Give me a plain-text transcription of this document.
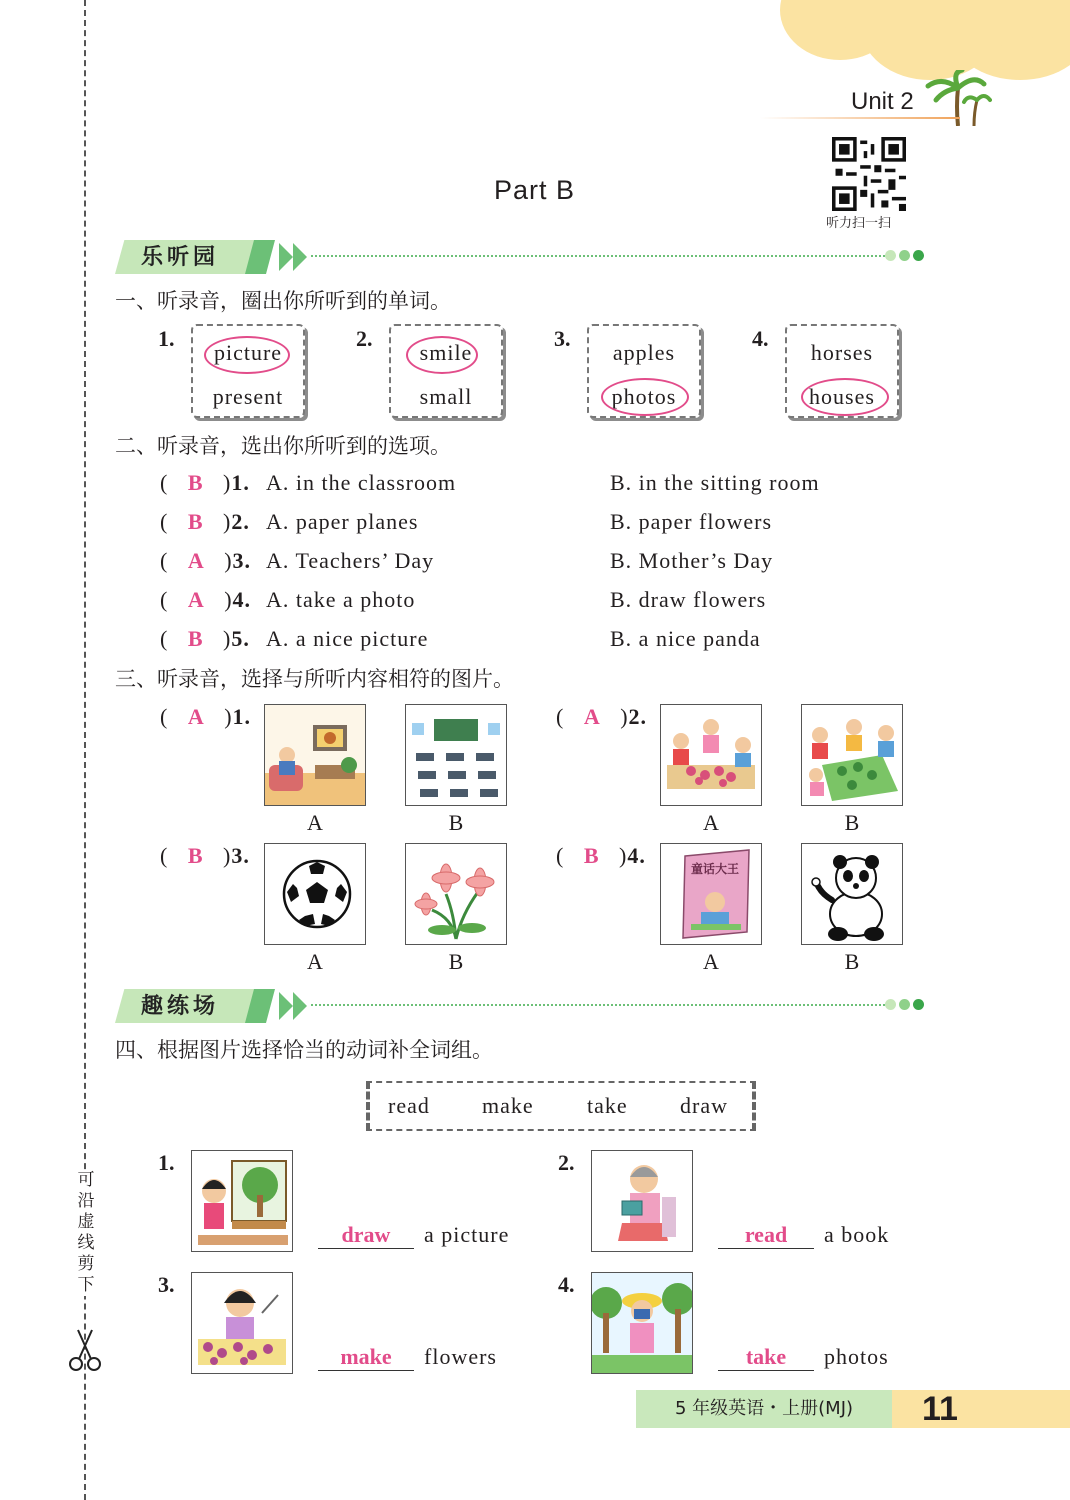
可沿虚线剪下
Unit 2
Part B
听力扫一扫
乐听园
一、听录音，圈出你所听到的单词。
1.
picture
present
2.
smile
small
3.
apples
photos
4.
horses
houses
二、听录音，选出你所听到的选项。
(   B   )1. A. in the classroom	B. in the sitting room
(   B   )2. A. paper planes	B. paper flowers
(   A   )3. A. Teachers’ Day	B. Mother’s Day
(   A   )4. A. take a photo	B. draw flowers
(   B   )5. A. a nice picture	B. a nice panda
三、听录音，选择与所听内容相符的图片。
(   A   )1.
A	B
(   A   )2.
A	B
(   B   )3.
A	B
(   B   )4.
童话大王
A	B
趣练场
四、根据图片选择恰当的动词补全词组。
read make take draw
1.
draw	a picture
2.
read	a book
3.
make	flowers
4.
take	photos
5 年级英语・上册(MJ)	11
